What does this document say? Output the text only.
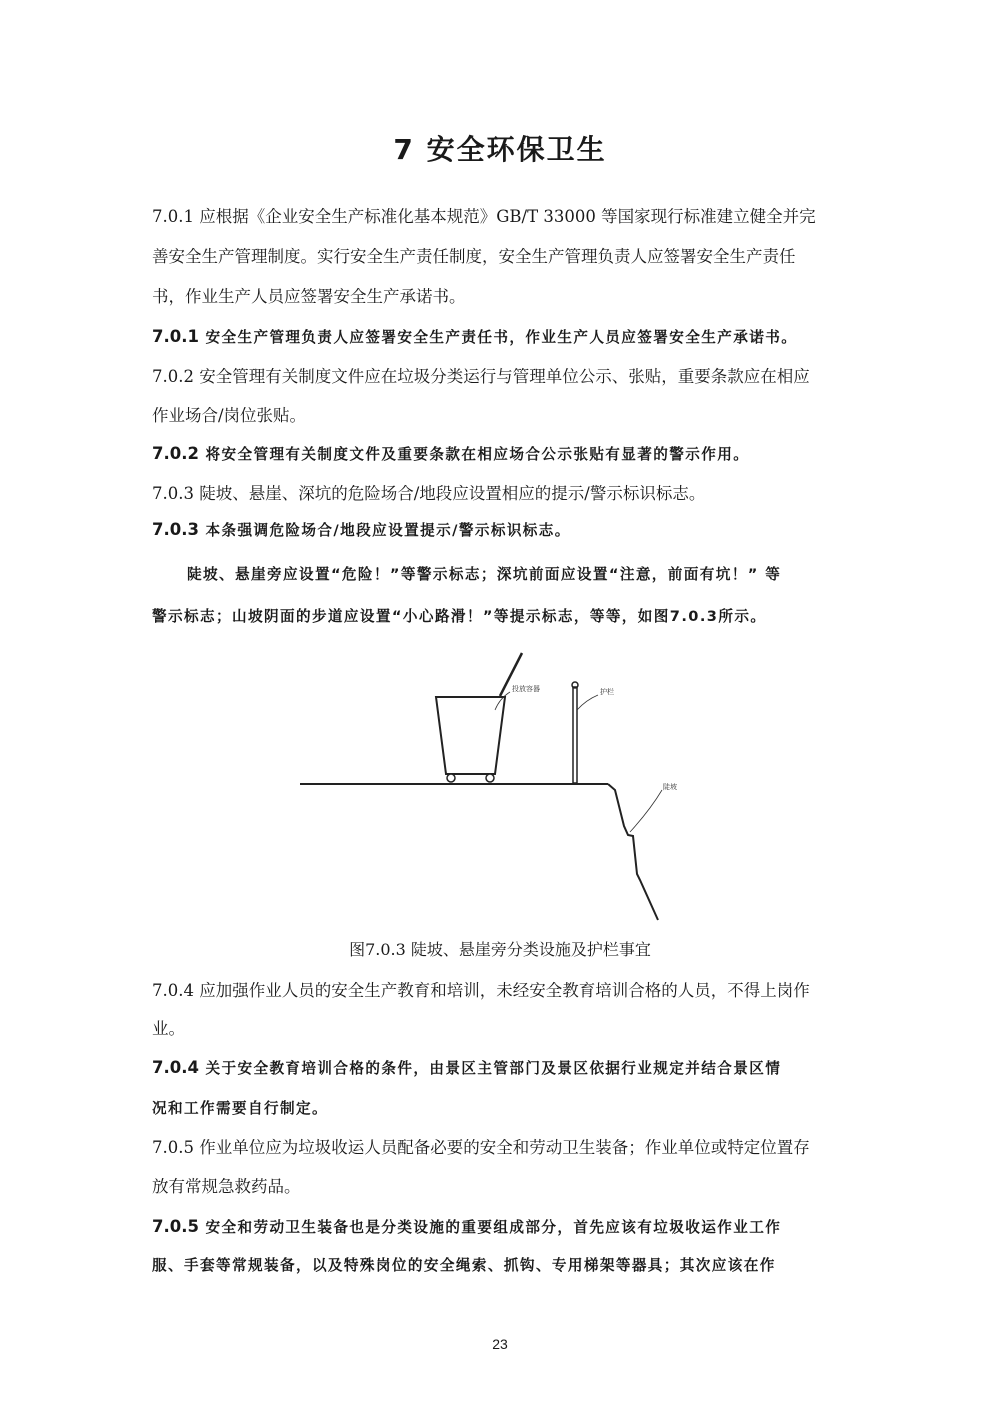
7 安全环保卫生
7.0.1 应根据《企业安全生产标准化基本规范》GB/T 33000 等国家现行标准建立健全并完
善安全生产管理制度。实行安全生产责任制度，安全生产管理负责人应签署安全生产责任
书，作业生产人员应签署安全生产承诺书。
7.0.1 安全生产管理负责人应签署安全生产责任书，作业生产人员应签署安全生产承诺书。
7.0.2 安全管理有关制度文件应在垃圾分类运行与管理单位公示、张贴，重要条款应在相应
作业场合/岗位张贴。
7.0.2 将安全管理有关制度文件及重要条款在相应场合公示张贴有显著的警示作用。
7.0.3 陡坡、悬崖、深坑的危险场合/地段应设置相应的提示/警示标识标志。
7.0.3 本条强调危险场合/地段应设置提示/警示标识标志。
陡坡、悬崖旁应设置“危险！”等警示标志；深坑前面应设置“注意，前面有坑！” 等
警示标志；山坡阴面的步道应设置“小心路滑！”等提示标志，等等，如图7.0.3所示。
投放容器	护栏
陡坡
图7.0.3 陡坡、悬崖旁分类设施及护栏事宜
7.0.4 应加强作业人员的安全生产教育和培训，未经安全教育培训合格的人员，不得上岗作
业。
7.0.4 关于安全教育培训合格的条件，由景区主管部门及景区依据行业规定并结合景区情
况和工作需要自行制定。
7.0.5 作业单位应为垃圾收运人员配备必要的安全和劳动卫生装备；作业单位或特定位置存
放有常规急救药品。
7.0.5 安全和劳动卫生装备也是分类设施的重要组成部分，首先应该有垃圾收运作业工作
服、手套等常规装备，以及特殊岗位的安全绳索、抓钩、专用梯架等器具；其次应该在作
23
